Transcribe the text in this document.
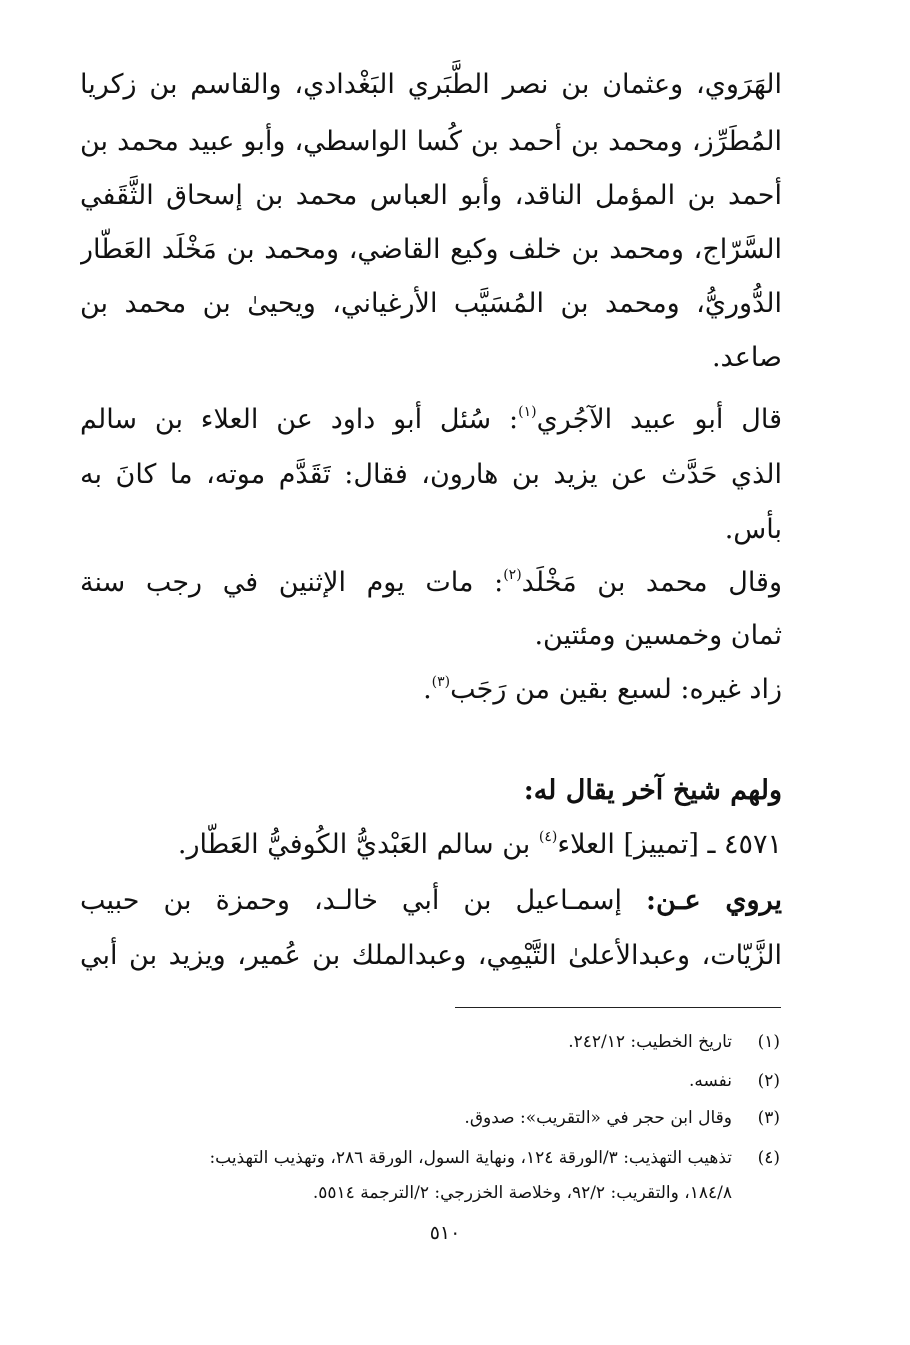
الهَرَوي، وعثمان بن نصر الطَّبَري البَغْدادي، والقاسم بن زكريا
المُطَرِّز، ومحمد بن أحمد بن كُسا الواسطي، وأبو عبيد محمد بن
أحمد بن المؤمل الناقد، وأبو العباس محمد بن إسحاق الثَّقَفي
السَّرّاج، ومحمد بن خلف وكيع القاضي، ومحمد بن مَخْلَد العَطّار
الدُّوريُّ، ومحمد بن المُسَيَّب الأرغياني، ويحيىٰ بن محمد بن
صاعد.
قال أبو عبيد الآجُري$^{(١)}$: سُئل أبو داود عن العلاء بن سالم
الذي حَدَّث عن يزيد بن هارون، فقال: تَقَدَّم موته، ما كانَ به
بأس.
وقال محمد بن مَخْلَد$^{(٢)}$: مات يوم الإثنين في رجب سنة
ثمان وخمسين ومئتين.
زاد غيره: لسبع بقين من رَجَب$^{(٣)}$.
ولهم شيخ آخر يقال له:
٤٥٧١ ـ [تمييز] العلاء$^{(٤)}$ بن سالم العَبْديُّ الكُوفيُّ العَطّار.
يروي عـن: إسمـاعيل بن أبي خالـد، وحمزة بن حبيب
الزَّيّات، وعبدالأعلىٰ التَّيْمِي، وعبدالملك بن عُمير، ويزيد بن أبي
(١)تاريخ الخطيب: ٢٤٢/١٢.
(٢)نفسه.
(٣)وقال ابن حجر في «التقريب»: صدوق.
(٤)تذهيب التهذيب: ٣/الورقة ١٢٤، ونهاية السول، الورقة ٢٨٦، وتهذيب التهذيب:
١٨٤/٨، والتقريب: ٩٢/٢، وخلاصة الخزرجي: ٢/الترجمة ٥٥١٤.
٥١٠
